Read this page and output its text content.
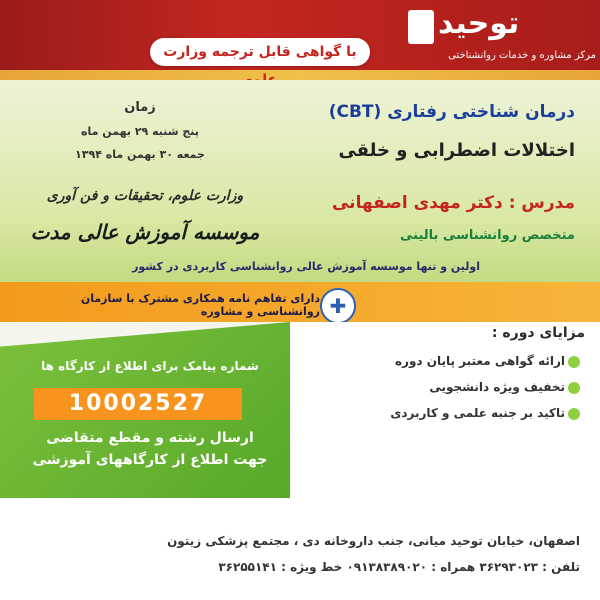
با گواهی قابل ترجمه وزارت
توحید
مرکز مشاوره و خدمات روانشناختی
زمان
پنج شنبه ۲۹ بهمن ماه
جمعه ۳۰ بهمن ماه ۱۳۹۴
درمان شناختی رفتاری (CBT)
اختلالات اضطرابی و خلقی
مدرس : دکتر مهدی اصفهانی
متخصص روانشناسی بالینی
وزارت علوم، تحقیقات و فن آوری
موسسه آموزش عالی مدت
اولین و تنها موسسه آموزش عالی روانشناسی کاربردی در کشور
✚
دارای تفاهم نامه همکاری مشترک با سازمان روانشناسی و مشاوره
شماره پیامک برای اطلاع از کارگاه ها
10002527
ارسال رشته و مقطع متقاضی
جهت اطلاع از کارگاههای آموزشی
مزایای دوره :
ارائه گواهی معتبر پایان دوره
تخفیف ویژه دانشجویی
تاکید بر جنبه علمی و کاربردی
اصفهان، خیابان توحید میانی، جنب داروخانه دی ، مجتمع پزشکی زیتون
تلفن : ۳۶۲۹۳۰۲۳ همراه : ۰۹۱۳۸۳۸۹۰۲۰ خط ویژه : ۳۶۲۵۵۱۴۱
